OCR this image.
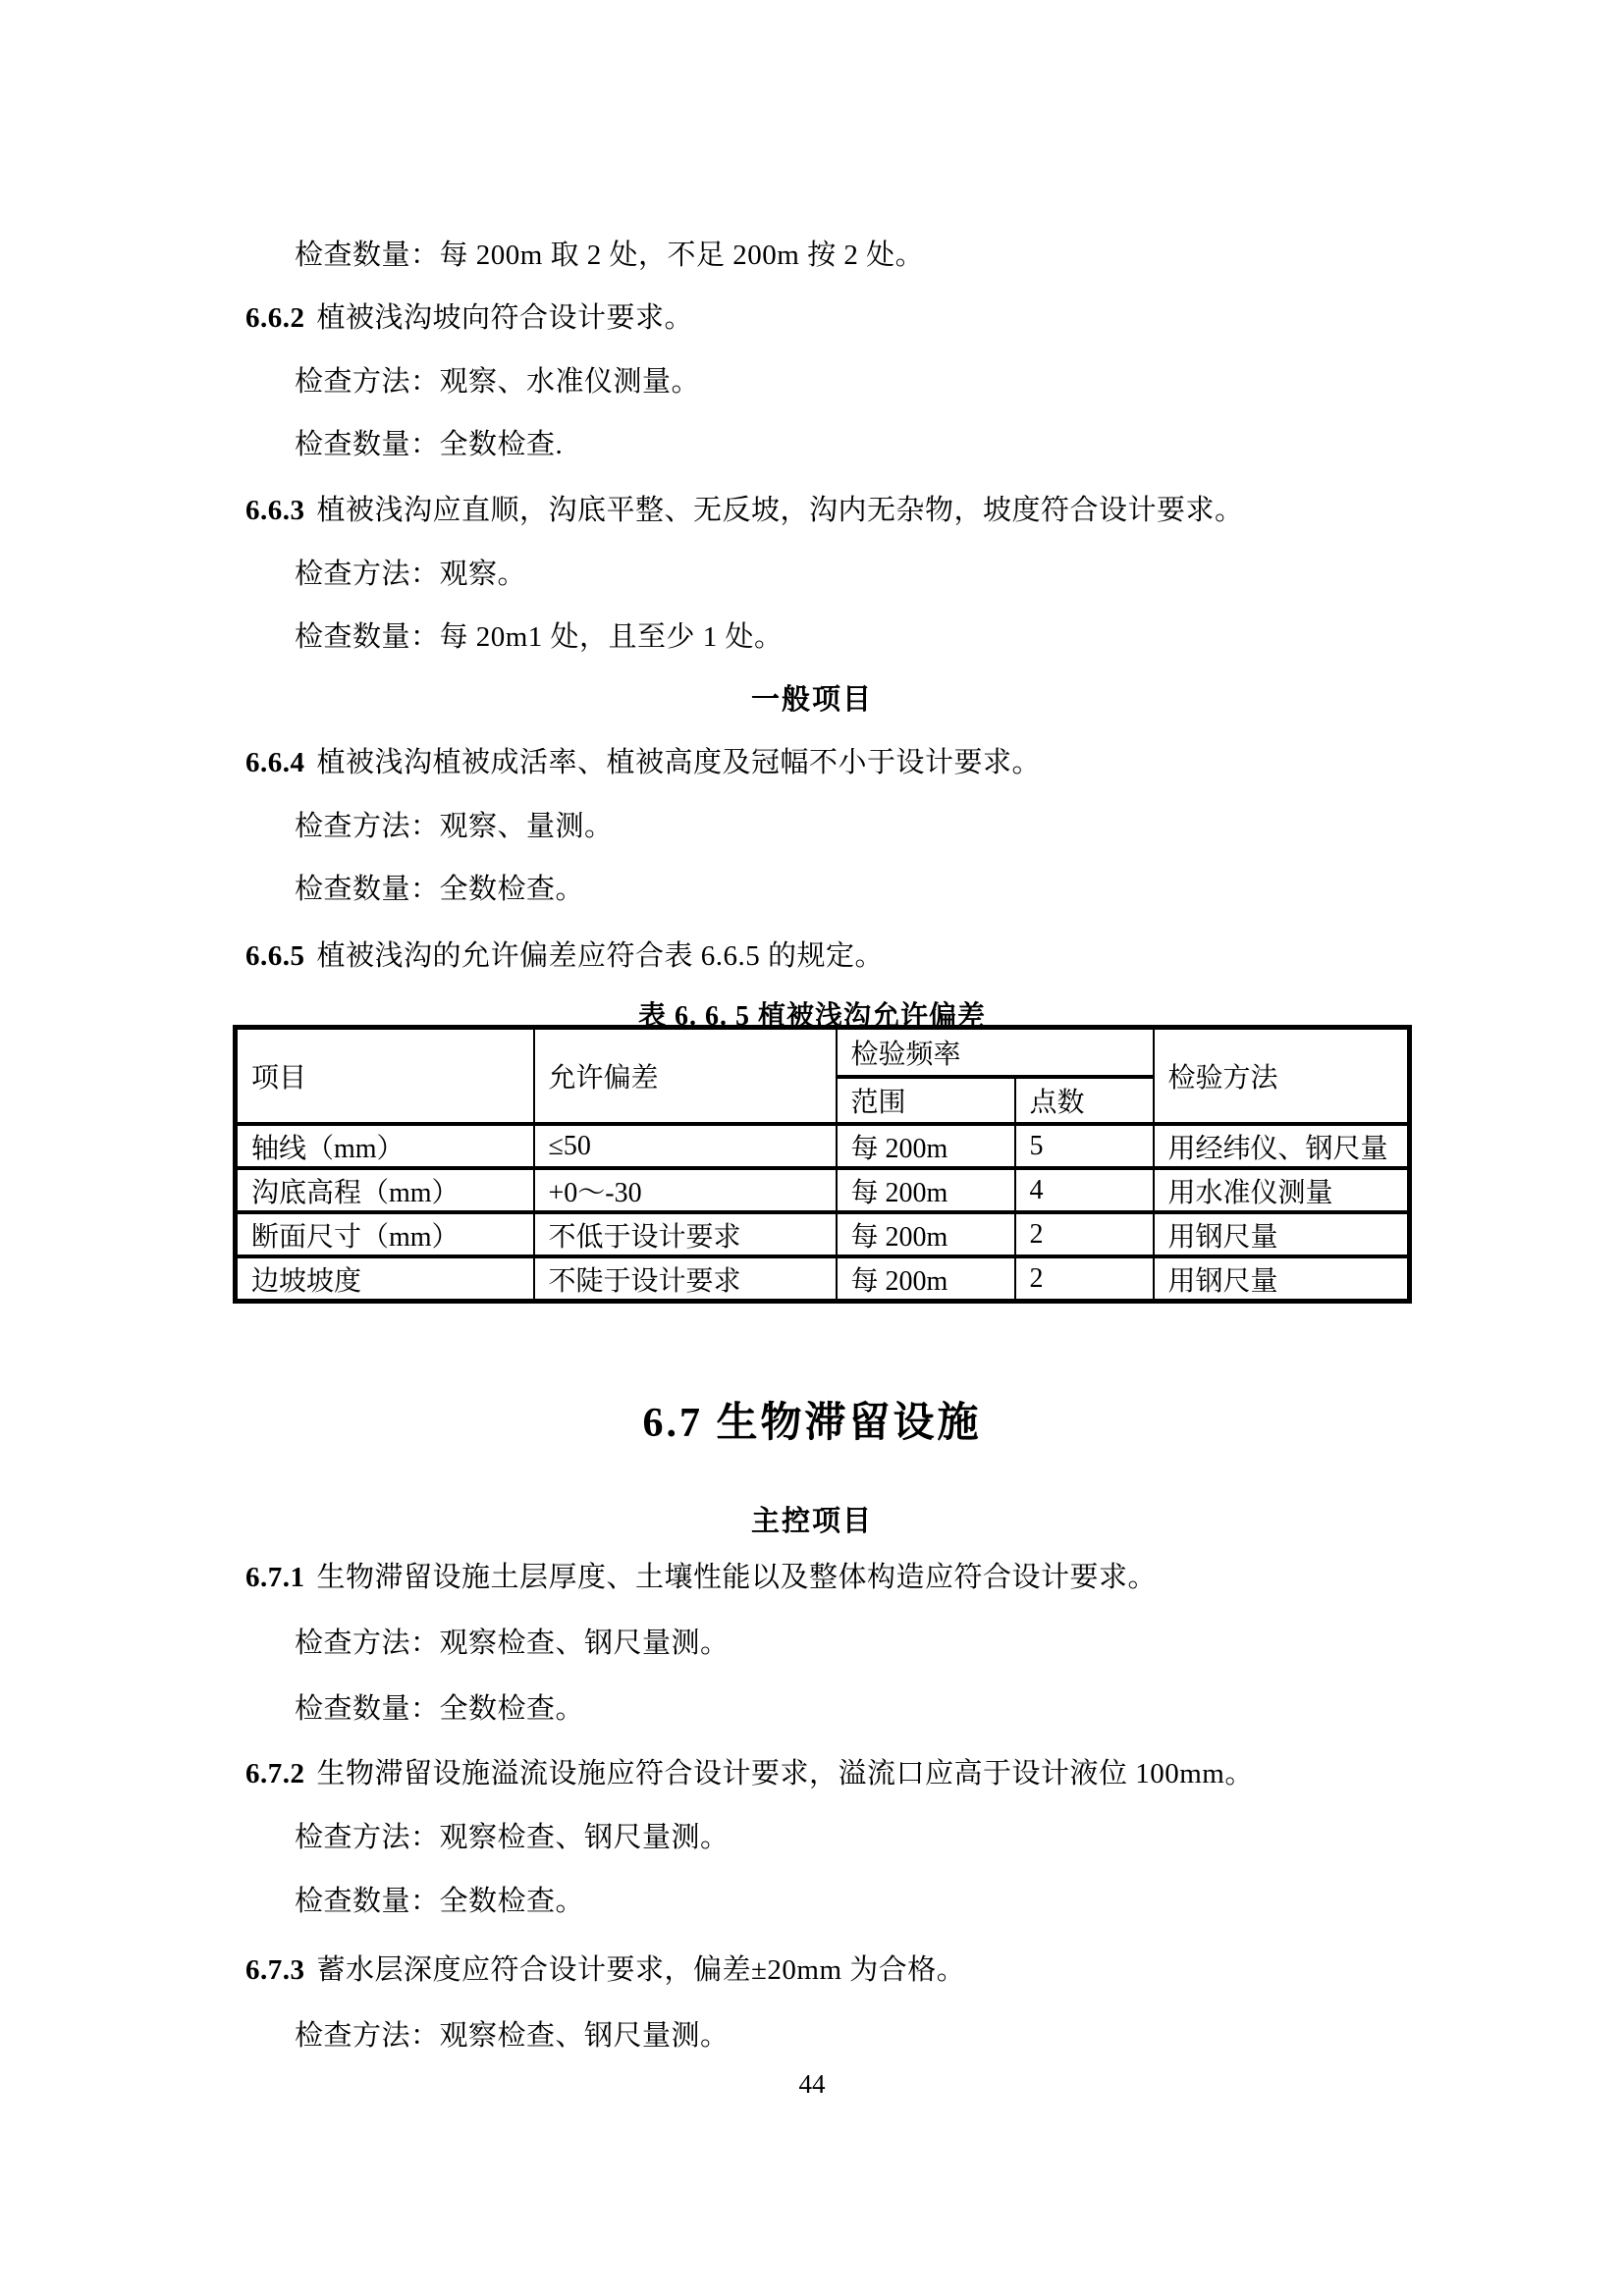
检查数量：每 200m 取 2 处，不足 200m 按 2 处。

6.6.2 植被浅沟坡向符合设计要求。

检查方法：观察、水准仪测量。

检查数量：全数检查.

6.6.3 植被浅沟应直顺，沟底平整、无反坡，沟内无杂物，坡度符合设计要求。

检查方法：观察。

检查数量：每 20m1 处，且至少 1 处。

一般项目

6.6.4 植被浅沟植被成活率、植被高度及冠幅不小于设计要求。

检查方法：观察、量测。

检查数量：全数检查。

6.6.5 植被浅沟的允许偏差应符合表 6.6.5 的规定。

表 6. 6. 5 植被浅沟允许偏差

项目	允许偏差	检验频率		检验方法
		范围	点数	
轴线（mm）	≤50	每 200m	5	用经纬仪、钢尺量
沟底高程（mm）	+0～-30	每 200m	4	用水准仪测量
断面尺寸（mm）	不低于设计要求	每 200m	2	用钢尺量
边坡坡度	不陡于设计要求	每 200m	2	用钢尺量

6.7 生物滞留设施

主控项目

6.7.1 生物滞留设施土层厚度、土壤性能以及整体构造应符合设计要求。

检查方法：观察检查、钢尺量测。

检查数量：全数检查。

6.7.2 生物滞留设施溢流设施应符合设计要求，溢流口应高于设计液位 100mm。

检查方法：观察检查、钢尺量测。

检查数量：全数检查。

6.7.3 蓄水层深度应符合设计要求，偏差±20mm 为合格。

检查方法：观察检查、钢尺量测。

44
